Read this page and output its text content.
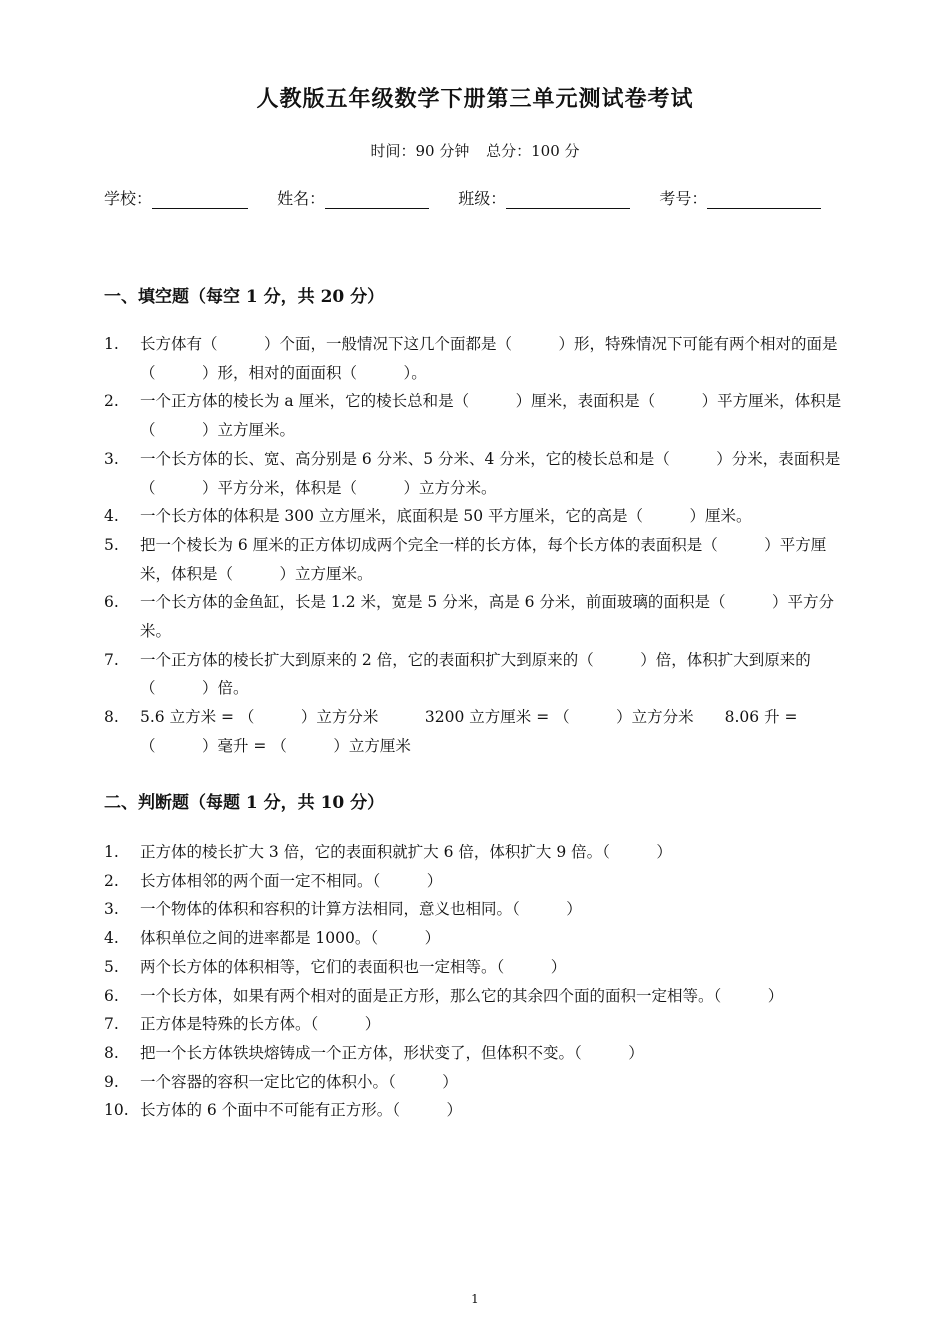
人教版五年级数学下册第三单元测试卷考试
时间：90 分钟 总分：100 分
学校：	姓名：	班级：	考号：
一、填空题（每空 1 分，共 20 分）
1. 长方体有（　　　）个面，一般情况下这几个面都是（　　　）形，特殊情况下可能有两个相对的面是（　　　）形，相对的面面积（　　　）。
2. 一个正方体的棱长为 a 厘米，它的棱长总和是（　　　）厘米，表面积是（　　　）平方厘米，体积是（　　　）立方厘米。
3. 一个长方体的长、宽、高分别是 6 分米、5 分米、4 分米，它的棱长总和是（　　　）分米，表面积是（　　　）平方分米，体积是（　　　）立方分米。
4. 一个长方体的体积是 300 立方厘米，底面积是 50 平方厘米，它的高是（　　　）厘米。
5. 把一个棱长为 6 厘米的正方体切成两个完全一样的长方体，每个长方体的表面积是（　　　）平方厘米，体积是（　　　）立方厘米。
6. 一个长方体的金鱼缸，长是 1.2 米，宽是 5 分米，高是 6 分米，前面玻璃的面积是（　　　）平方分米。
7. 一个正方体的棱长扩大到原来的 2 倍，它的表面积扩大到原来的（　　　）倍，体积扩大到原来的（　　　）倍。
8. 5.6 立方米 = （　　　）立方分米　　　3200 立方厘米 = （　　　）立方分米　　8.06 升 = （　　　）毫升 = （　　　）立方厘米
二、判断题（每题 1 分，共 10 分）
1. 正方体的棱长扩大 3 倍，它的表面积就扩大 6 倍，体积扩大 9 倍。（　　　）
2. 长方体相邻的两个面一定不相同。（　　　）
3. 一个物体的体积和容积的计算方法相同，意义也相同。（　　　）
4. 体积单位之间的进率都是 1000。（　　　）
5. 两个长方体的体积相等，它们的表面积也一定相等。（　　　）
6. 一个长方体，如果有两个相对的面是正方形，那么它的其余四个面的面积一定相等。（　　　）
7. 正方体是特殊的长方体。（　　　）
8. 把一个长方体铁块熔铸成一个正方体，形状变了，但体积不变。（　　　）
9. 一个容器的容积一定比它的体积小。（　　　）
10. 长方体的 6 个面中不可能有正方形。（　　　）
1
